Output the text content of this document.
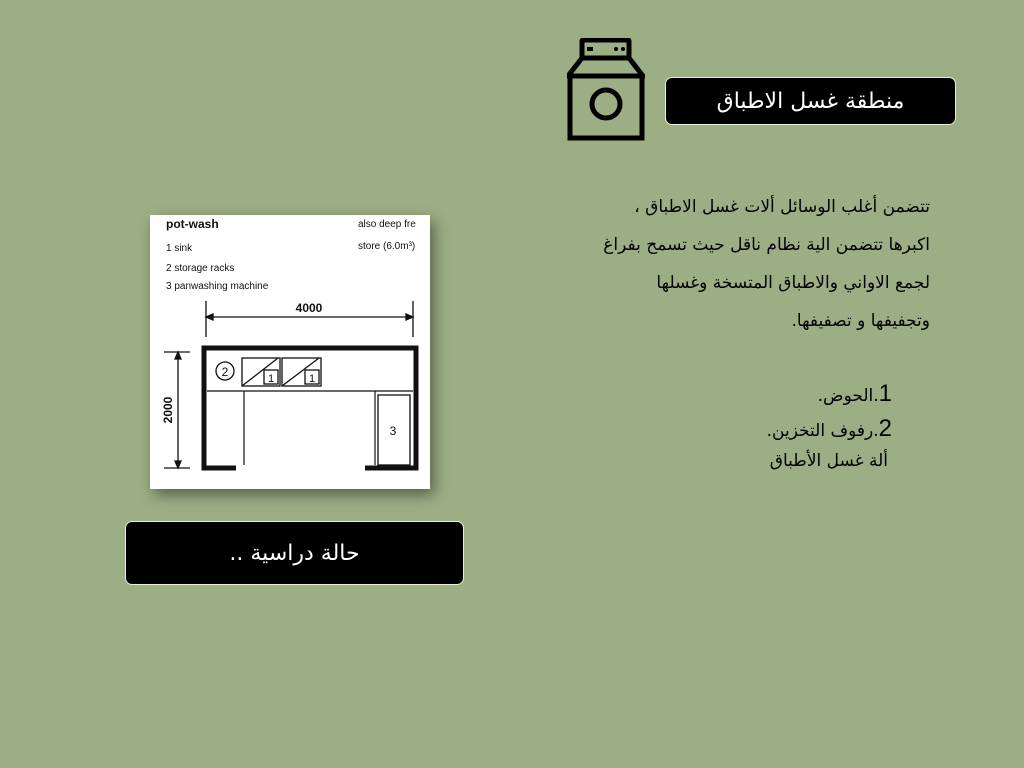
منطقة غسل الاطباق
تتضمن أغلب الوسائل ألات غسل الاطباق ،
اكبرها تتضمن الية نظام ناقل حيث تسمح بفراغ
لجمع الاواني والاطباق المتسخة وغسلها
وتجفيفها و تصفيفها.
1.الحوض.
2.رفوف التخزين.
ألة غسل الأطباق
pot-wash
1 sink
2 storage racks
3 panwashing machine
also deep fre
store (6.0m³)
4000
2000
2	1	1
3
حالة دراسية ..
